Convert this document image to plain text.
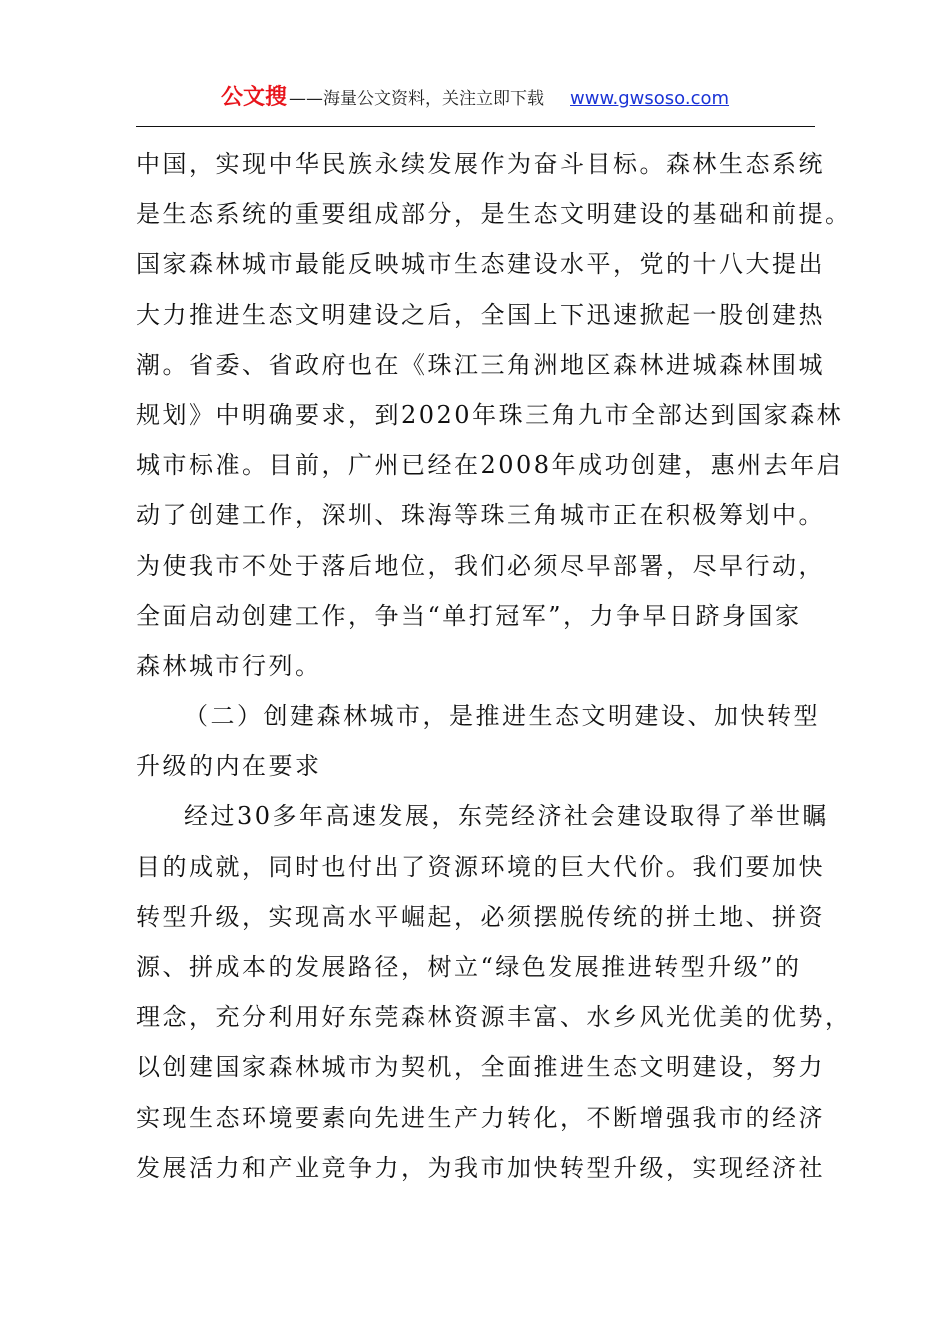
公文搜 ——海量公文资料，关注立即下载 www.gwsoso.com
中国，实现中华民族永续发展作为奋斗目标。森林生态系统
是生态系统的重要组成部分，是生态文明建设的基础和前提。
国家森林城市最能反映城市生态建设水平，党的十八大提出
大力推进生态文明建设之后，全国上下迅速掀起一股创建热
潮。省委、省政府也在《珠江三角洲地区森林进城森林围城
规划》中明确要求，到2020年珠三角九市全部达到国家森林
城市标准。目前，广州已经在2008年成功创建，惠州去年启
动了创建工作，深圳、珠海等珠三角城市正在积极筹划中。
为使我市不处于落后地位，我们必须尽早部署，尽早行动，
全面启动创建工作，争当“单打冠军”，力争早日跻身国家
森林城市行列。
（二）创建森林城市，是推进生态文明建设、加快转型
升级的内在要求
经过30多年高速发展，东莞经济社会建设取得了举世瞩
目的成就，同时也付出了资源环境的巨大代价。我们要加快
转型升级，实现高水平崛起，必须摆脱传统的拼土地、拼资
源、拼成本的发展路径，树立“绿色发展推进转型升级”的
理念，充分利用好东莞森林资源丰富、水乡风光优美的优势，
以创建国家森林城市为契机，全面推进生态文明建设，努力
实现生态环境要素向先进生产力转化，不断增强我市的经济
发展活力和产业竞争力，为我市加快转型升级，实现经济社
